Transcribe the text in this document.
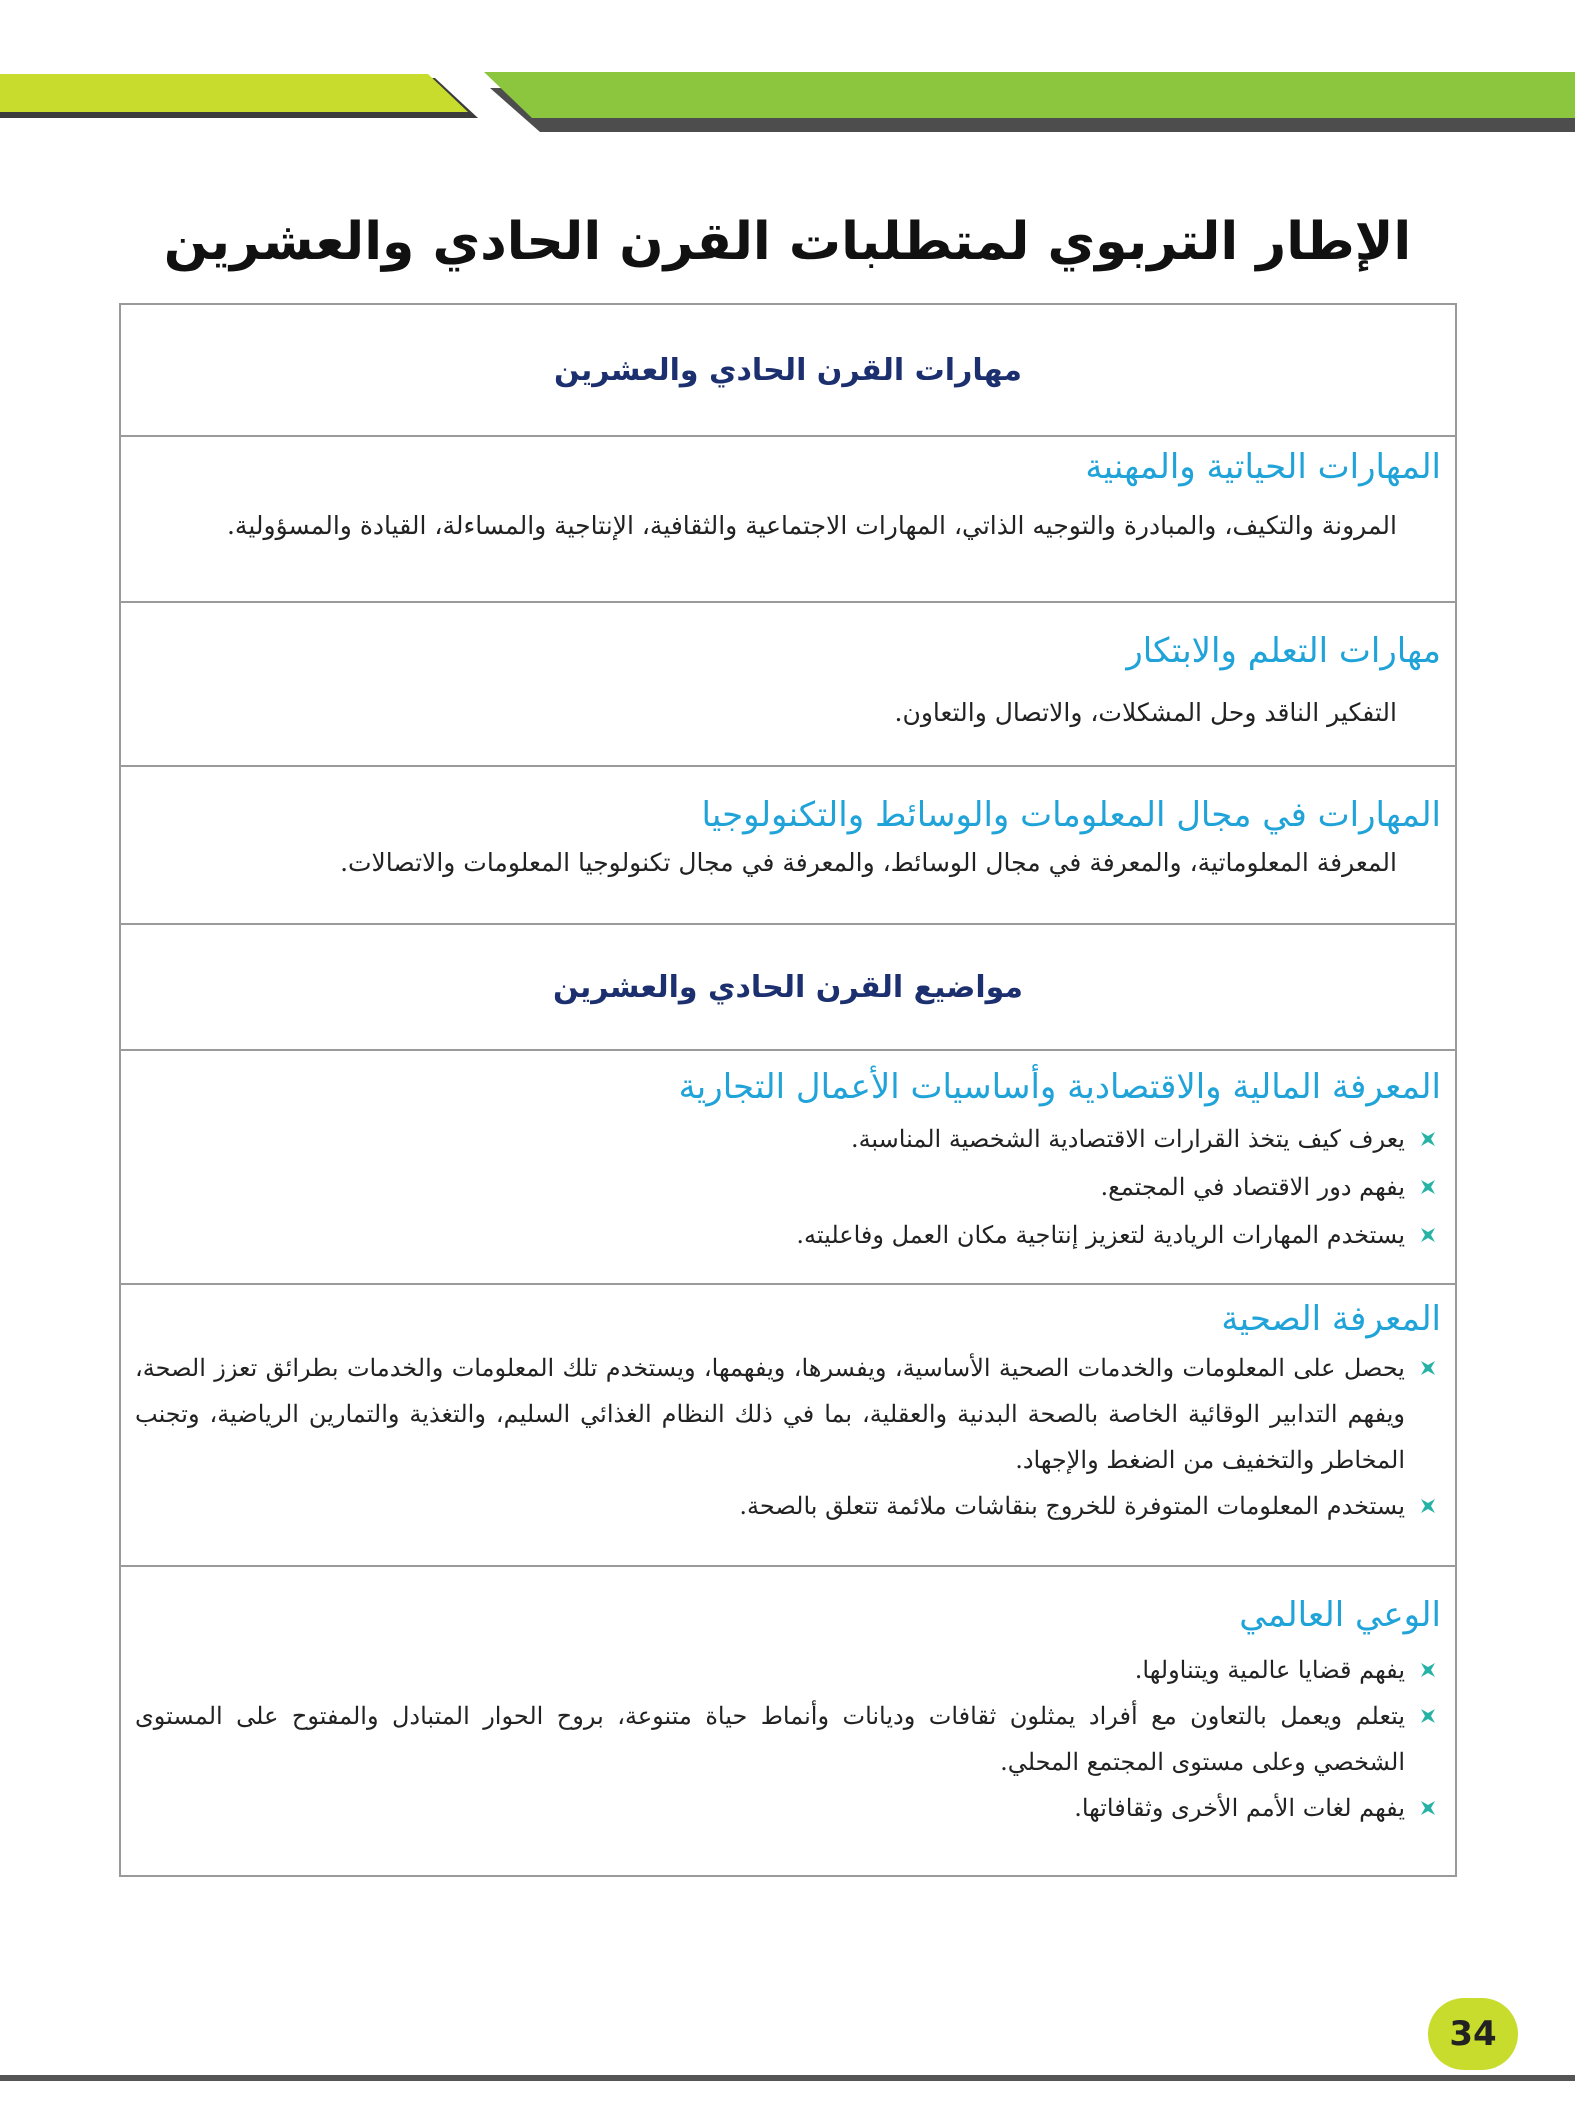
الإطار التربوي لمتطلبات القرن الحادي والعشرين
مهارات القرن الحادي والعشرين
المهارات الحياتية والمهنية

المرونة والتكيف، والمبادرة والتوجيه الذاتي، المهارات الاجتماعية والثقافية، الإنتاجية والمساءلة، القيادة والمسؤولية.

مهارات التعلم والابتكار

التفكير الناقد وحل المشكلات، والاتصال والتعاون.

المهارات في مجال المعلومات والوسائط والتكنولوجيا

المعرفة المعلوماتية، والمعرفة في مجال الوسائط، والمعرفة في مجال تكنولوجيا المعلومات والاتصالات.

مواضيع القرن الحادي والعشرين
المعرفة المالية والاقتصادية وأساسيات الأعمال التجارية
يعرف كيف يتخذ القرارات الاقتصادية الشخصية المناسبة.
يفهم دور الاقتصاد في المجتمع.
يستخدم المهارات الريادية لتعزيز إنتاجية مكان العمل وفاعليته.
المعرفة الصحية
يحصل على المعلومات والخدمات الصحية الأساسية، ويفسرها، ويفهمها، ويستخدم تلك المعلومات والخدمات بطرائق تعزز الصحة، ويفهم التدابير الوقائية الخاصة بالصحة البدنية والعقلية، بما في ذلك النظام الغذائي السليم، والتغذية والتمارين الرياضية، وتجنب المخاطر والتخفيف من الضغط والإجهاد.
يستخدم المعلومات المتوفرة للخروج بنقاشات ملائمة تتعلق بالصحة.
الوعي العالمي
يفهم قضايا عالمية ويتناولها.
يتعلم ويعمل بالتعاون مع أفراد يمثلون ثقافات وديانات وأنماط حياة متنوعة، بروح الحوار المتبادل والمفتوح على المستوى الشخصي وعلى مستوى المجتمع المحلي.
يفهم لغات الأمم الأخرى وثقافاتها.
34
